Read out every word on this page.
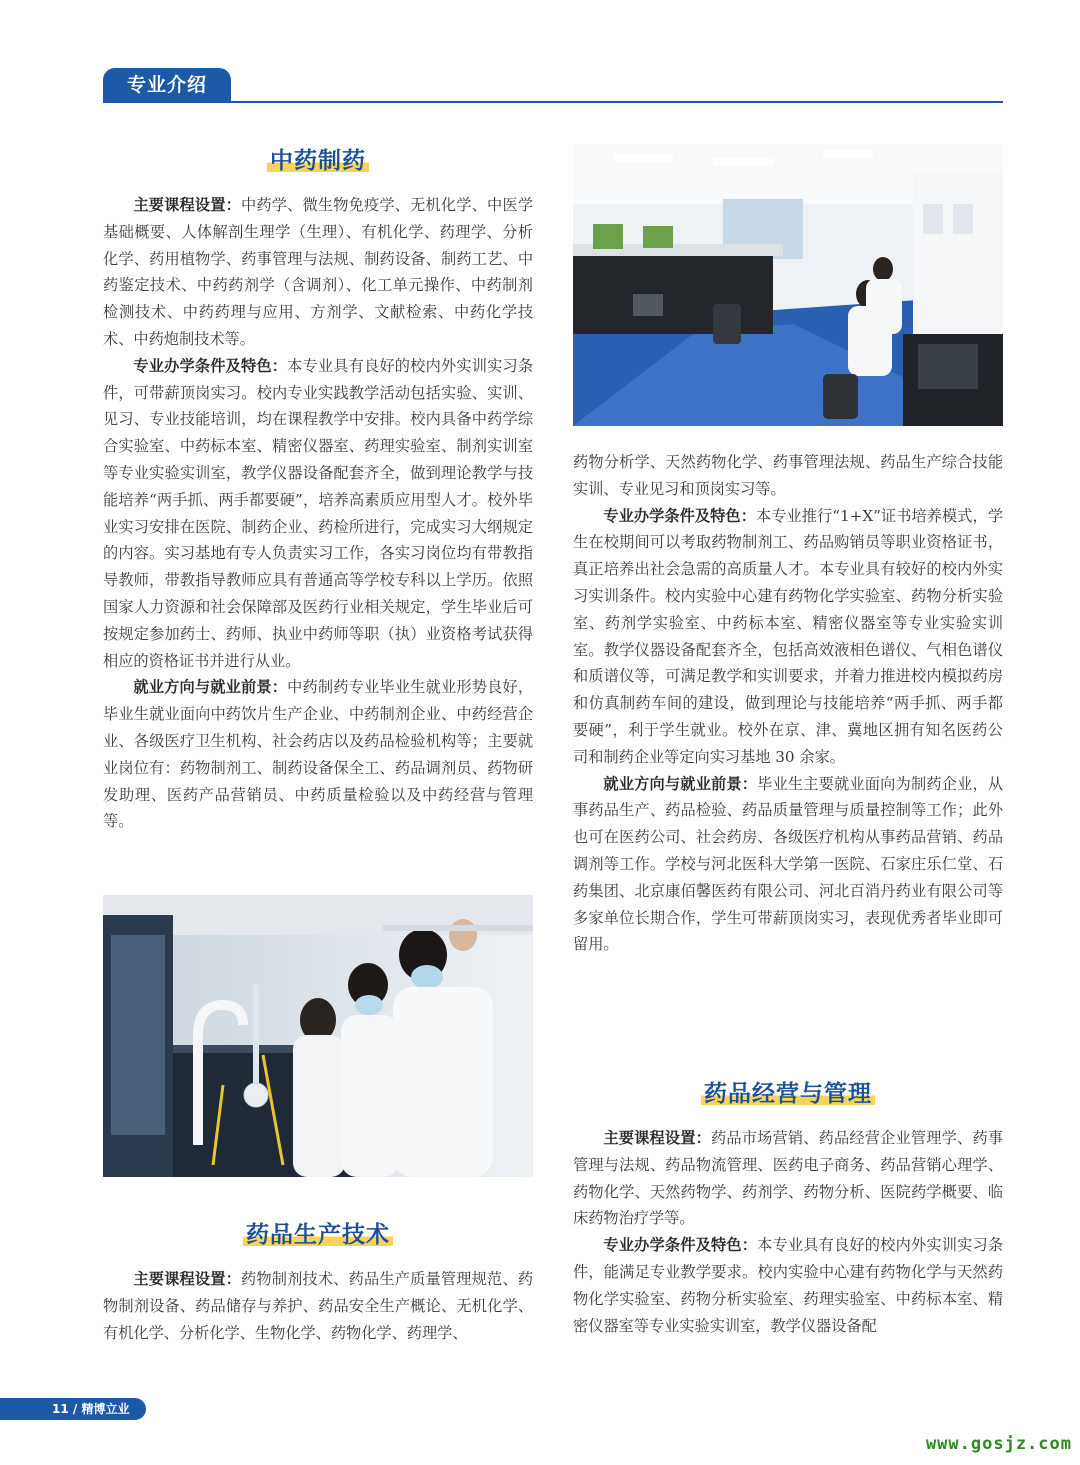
专业介绍
中药制药

主要课程设置：中药学、微生物免疫学、无机化学、中医学基础概要、人体解剖生理学（生理）、有机化学、药理学、分析化学、药用植物学、药事管理与法规、制药设备、制药工艺、中药鉴定技术、中药药剂学（含调剂）、化工单元操作、中药制剂检测技术、中药药理与应用、方剂学、文献检索、中药化学技术、中药炮制技术等。

专业办学条件及特色：本专业具有良好的校内外实训实习条件，可带薪顶岗实习。校内专业实践教学活动包括实验、实训、见习、专业技能培训，均在课程教学中安排。校内具备中药学综合实验室、中药标本室、精密仪器室、药理实验室、制剂实训室等专业实验实训室，教学仪器设备配套齐全，做到理论教学与技能培养“两手抓、两手都要硬”，培养高素质应用型人才。校外毕业实习安排在医院、制药企业、药检所进行，完成实习大纲规定的内容。实习基地有专人负责实习工作，各实习岗位均有带教指导教师，带教指导教师应具有普通高等学校专科以上学历。依照国家人力资源和社会保障部及医药行业相关规定，学生毕业后可按规定参加药士、药师、执业中药师等职（执）业资格考试获得相应的资格证书并进行从业。

就业方向与就业前景：中药制药专业毕业生就业形势良好，毕业生就业面向中药饮片生产企业、中药制剂企业、中药经营企业、各级医疗卫生机构、社会药店以及药品检验机构等；主要就业岗位有：药物制剂工、制药设备保全工、药品调剂员、药物研发助理、医药产品营销员、中药质量检验以及中药经营与管理等。

药品生产技术

主要课程设置：药物制剂技术、药品生产质量管理规范、药物制剂设备、药品储存与养护、药品安全生产概论、无机化学、有机化学、分析化学、生物化学、药物化学、药理学、

药物分析学、天然药物化学、药事管理法规、药品生产综合技能实训、专业见习和顶岗实习等。

专业办学条件及特色：本专业推行“1+X”证书培养模式，学生在校期间可以考取药物制剂工、药品购销员等职业资格证书，真正培养出社会急需的高质量人才。本专业具有较好的校内外实习实训条件。校内实验中心建有药物化学实验室、药物分析实验室、药剂学实验室、中药标本室、精密仪器室等专业实验实训室。教学仪器设备配套齐全，包括高效液相色谱仪、气相色谱仪和质谱仪等，可满足教学和实训要求，并着力推进校内模拟药房和仿真制药车间的建设，做到理论与技能培养“两手抓、两手都要硬”，利于学生就业。校外在京、津、冀地区拥有知名医药公司和制药企业等定向实习基地 30 余家。

就业方向与就业前景：毕业生主要就业面向为制药企业，从事药品生产、药品检验、药品质量管理与质量控制等工作；此外也可在医药公司、社会药房、各级医疗机构从事药品营销、药品调剂等工作。学校与河北医科大学第一医院、石家庄乐仁堂、石药集团、北京康佰馨医药有限公司、河北百消丹药业有限公司等多家单位长期合作，学生可带薪顶岗实习，表现优秀者毕业即可留用。

药品经营与管理

主要课程设置：药品市场营销、药品经营企业管理学、药事管理与法规、药品物流管理、医药电子商务、药品营销心理学、药物化学、天然药物学、药剂学、药物分析、医院药学概要、临床药物治疗学等。

专业办学条件及特色：本专业具有良好的校内外实训实习条件，能满足专业教学要求。校内实验中心建有药物化学与天然药物化学实验室、药物分析实验室、药理实验室、中药标本室、精密仪器室等专业实验实训室，教学仪器设备配

11 / 精博立业
www.gosjz.com
